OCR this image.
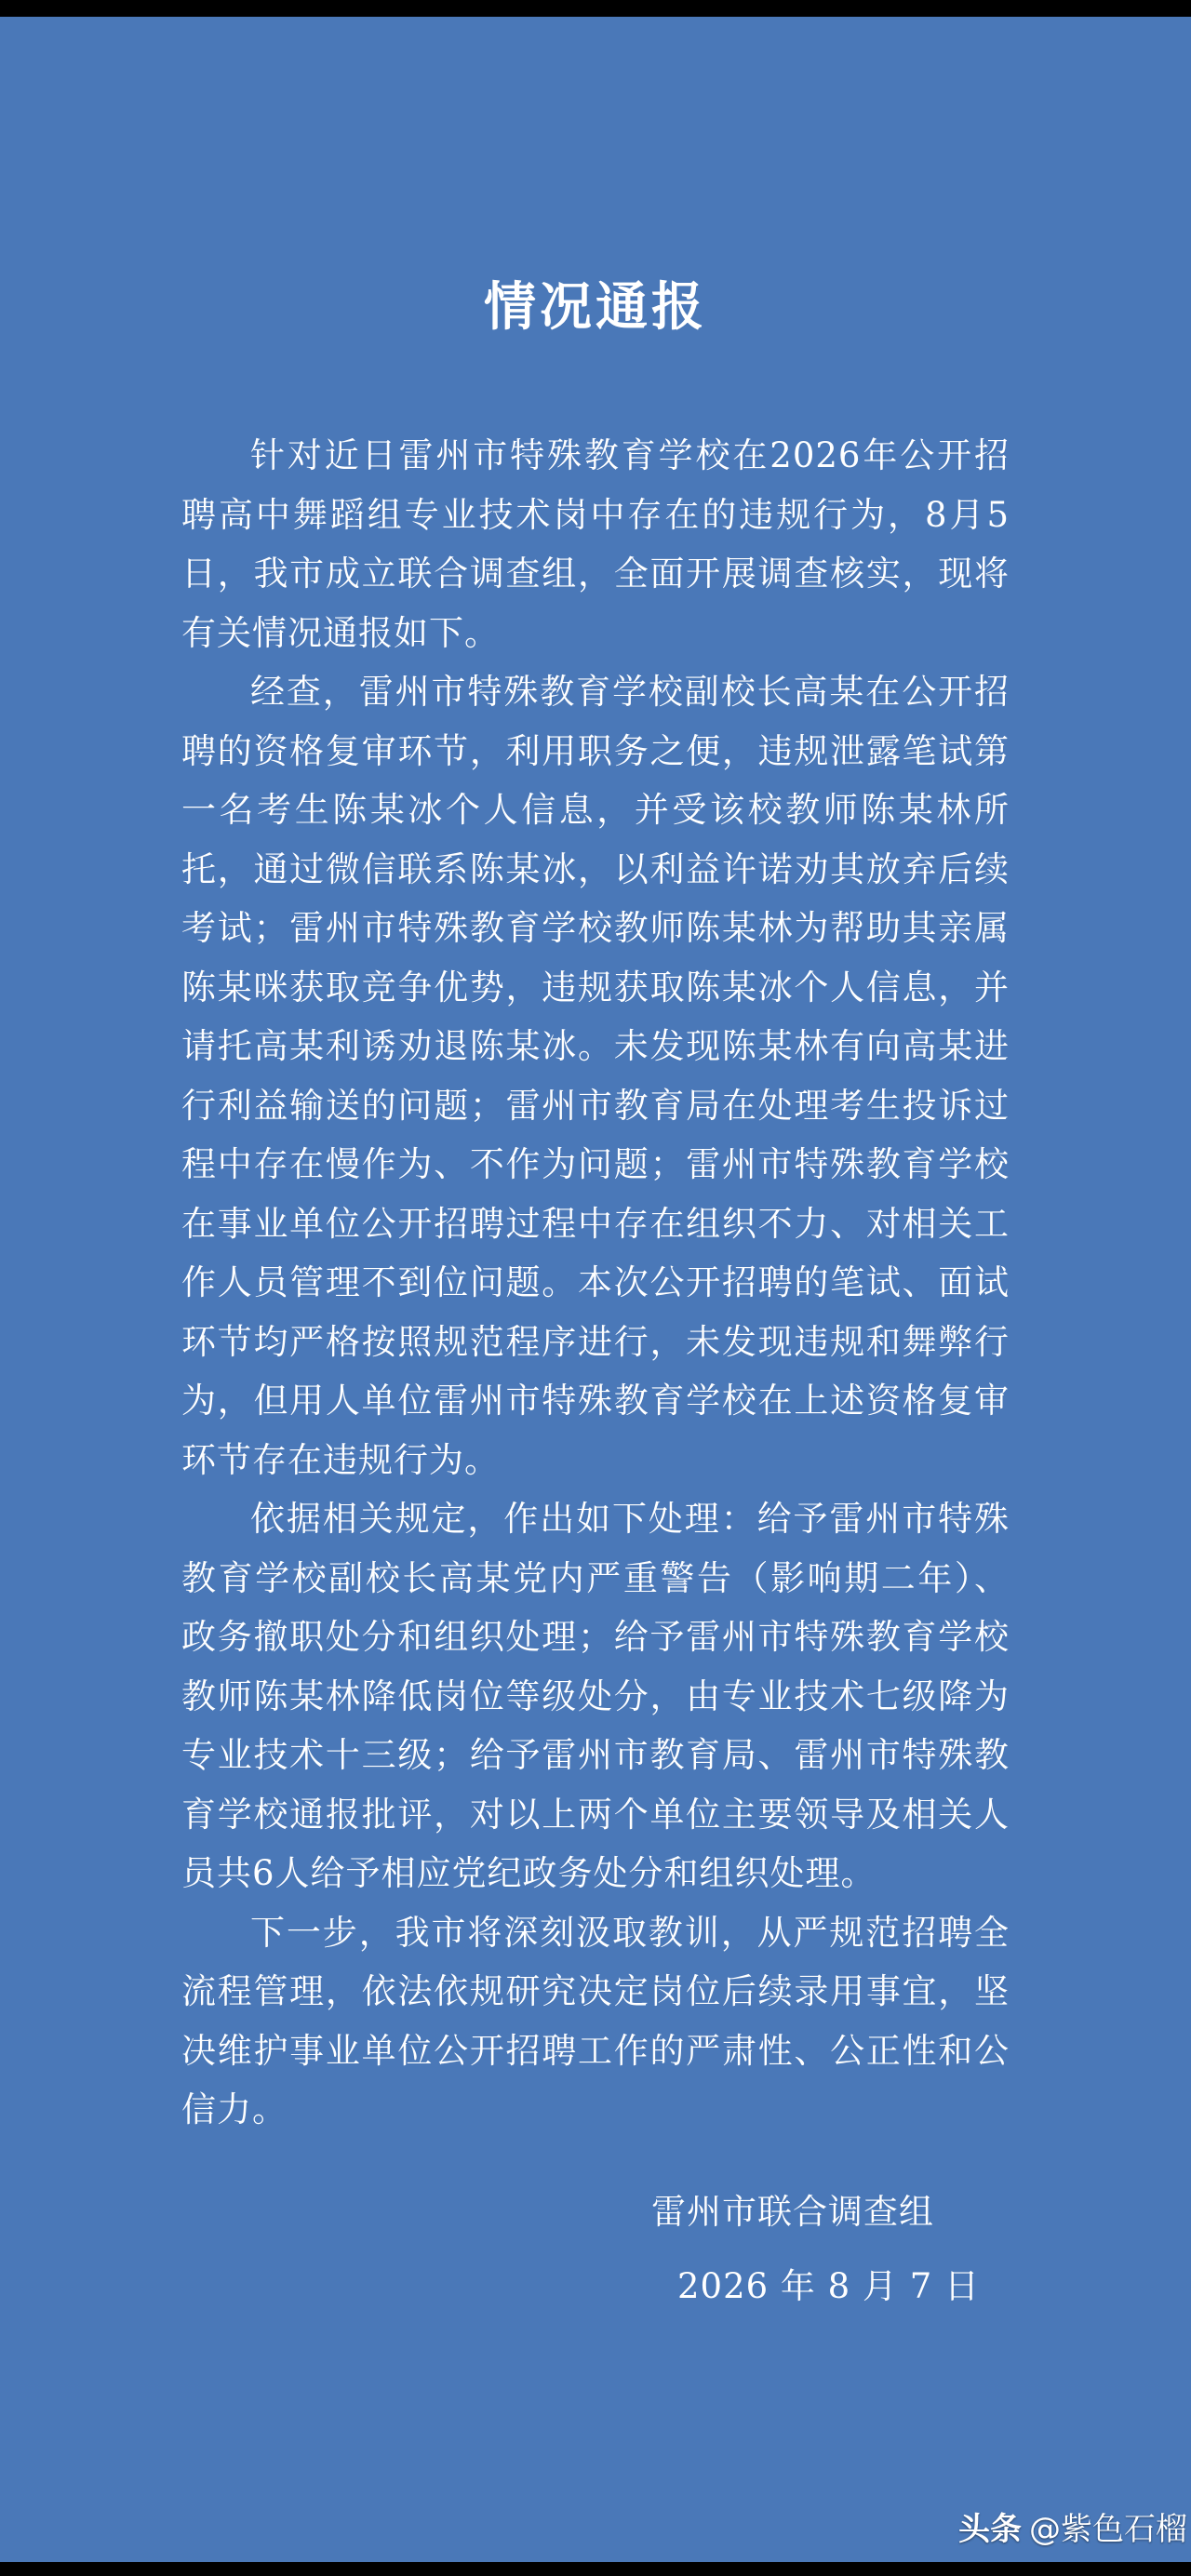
情况通报

针对近日雷州市特殊教育学校在2026年公开招聘高中舞蹈组专业技术岗中存在的违规行为，8月5日，我市成立联合调查组，全面开展调查核实，现将有关情况通报如下。

经查，雷州市特殊教育学校副校长高某在公开招聘的资格复审环节，利用职务之便，违规泄露笔试第一名考生陈某冰个人信息，并受该校教师陈某林所托，通过微信联系陈某冰，以利益许诺劝其放弃后续考试；雷州市特殊教育学校教师陈某林为帮助其亲属陈某咪获取竞争优势，违规获取陈某冰个人信息，并请托高某利诱劝退陈某冰。未发现陈某林有向高某进行利益输送的问题；雷州市教育局在处理考生投诉过程中存在慢作为、不作为问题；雷州市特殊教育学校在事业单位公开招聘过程中存在组织不力、对相关工作人员管理不到位问题。本次公开招聘的笔试、面试环节均严格按照规范程序进行，未发现违规和舞弊行为，但用人单位雷州市特殊教育学校在上述资格复审环节存在违规行为。

依据相关规定，作出如下处理：给予雷州市特殊教育学校副校长高某党内严重警告（影响期二年）、政务撤职处分和组织处理；给予雷州市特殊教育学校教师陈某林降低岗位等级处分，由专业技术七级降为专业技术十三级；给予雷州市教育局、雷州市特殊教育学校通报批评，对以上两个单位主要领导及相关人员共6人给予相应党纪政务处分和组织处理。

下一步，我市将深刻汲取教训，从严规范招聘全流程管理，依法依规研究决定岗位后续录用事宜，坚决维护事业单位公开招聘工作的严肃性、公正性和公信力。

雷州市联合调查组
2026 年 8 月 7 日
头条 @紫色石榴
